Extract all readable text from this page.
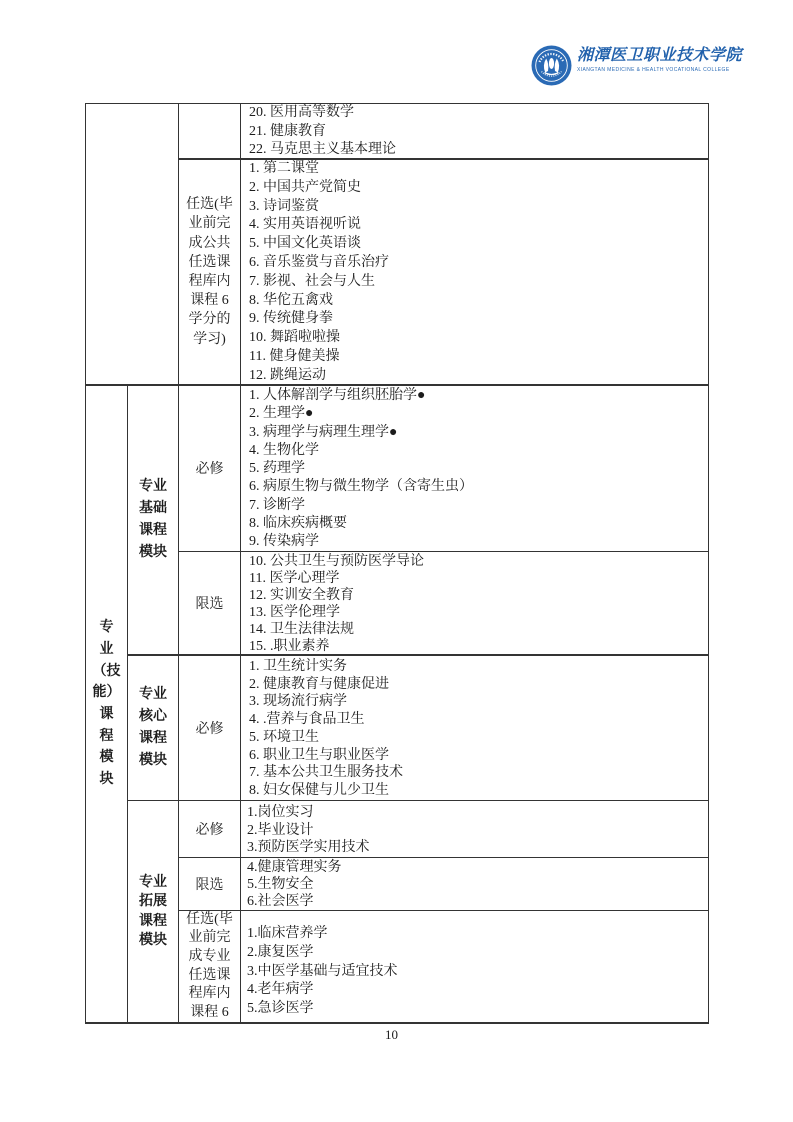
湘潭医卫职业技术学院
XIANGTAN MEDICINE & HEALTH VOCATIONAL COLLEGE
20. 医用高等数学
21. 健康教育
22. 马克思主义基本理论
任选(毕
业前完
成公共
任选课
程库内
课程 6
学分的
学习)
1. 第二课堂
2. 中国共产党简史
3. 诗词鉴赏
4. 实用英语视听说
5. 中国文化英语谈
6. 音乐鉴赏与音乐治疗
7. 影视、社会与人生
8. 华佗五禽戏
9. 传统健身拳
10. 舞蹈啦啦操
11. 健身健美操
12. 跳绳运动
专
业
（技
能）
课
程
模
块
专业
基础
课程
模块
必修
1. 人体解剖学与组织胚胎学●
2. 生理学●
3. 病理学与病理生理学●
4. 生物化学
5. 药理学
6. 病原生物与微生物学（含寄生虫）
7. 诊断学
8. 临床疾病概要
9. 传染病学
限选
10. 公共卫生与预防医学导论
11. 医学心理学
12. 实训安全教育
13. 医学伦理学
14. 卫生法律法规
15. .职业素养
专业
核心
课程
模块
必修
1. 卫生统计实务
2. 健康教育与健康促进
3. 现场流行病学
4. .营养与食品卫生
5. 环境卫生
6. 职业卫生与职业医学
7. 基本公共卫生服务技术
8. 妇女保健与儿少卫生
专业
拓展
课程
模块
必修
1.岗位实习
2.毕业设计
3.预防医学实用技术
限选
4.健康管理实务
5.生物安全
6.社会医学
任选(毕
业前完
成专业
任选课
程库内
课程 6
1.临床营养学
2.康复医学
3.中医学基础与适宜技术
4.老年病学
5.急诊医学
10
